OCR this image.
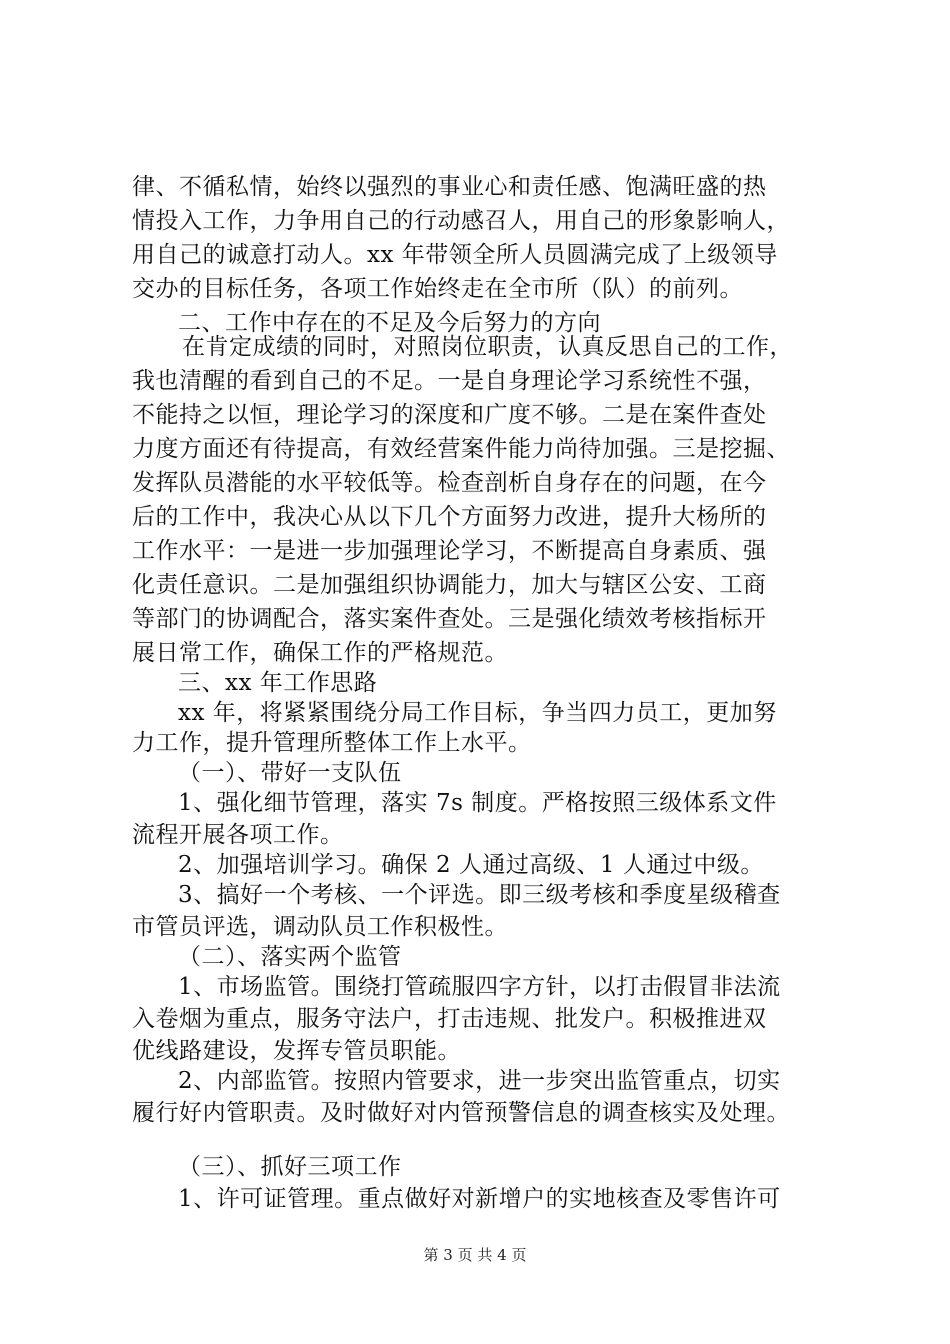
律、不循私情，始终以强烈的事业心和责任感、饱满旺盛的热
情投入工作，力争用自己的行动感召人，用自己的形象影响人，
用自己的诚意打动人。xx 年带领全所人员圆满完成了上级领导
交办的目标任务，各项工作始终走在全市所（队）的前列。
二、工作中存在的不足及今后努力的方向
在肯定成绩的同时，对照岗位职责，认真反思自己的工作，
我也清醒的看到自己的不足。一是自身理论学习系统性不强，
不能持之以恒，理论学习的深度和广度不够。二是在案件查处
力度方面还有待提高，有效经营案件能力尚待加强。三是挖掘、
发挥队员潜能的水平较低等。检查剖析自身存在的问题，在今
后的工作中，我决心从以下几个方面努力改进，提升大杨所的
工作水平：一是进一步加强理论学习，不断提高自身素质、强
化责任意识。二是加强组织协调能力，加大与辖区公安、工商
等部门的协调配合，落实案件查处。三是强化绩效考核指标开
展日常工作，确保工作的严格规范。
三、xx 年工作思路
xx 年，将紧紧围绕分局工作目标，争当四力员工，更加努
力工作，提升管理所整体工作上水平。
（一）、带好一支队伍
1、强化细节管理，落实 7s 制度。严格按照三级体系文件
流程开展各项工作。
2、加强培训学习。确保 2 人通过高级、1 人通过中级。
3、搞好一个考核、一个评选。即三级考核和季度星级稽查
市管员评选，调动队员工作积极性。
（二）、落实两个监管
1、市场监管。围绕打管疏服四字方针，以打击假冒非法流
入卷烟为重点，服务守法户，打击违规、批发户。积极推进双
优线路建设，发挥专管员职能。
2、内部监管。按照内管要求，进一步突出监管重点，切实
履行好内管职责。及时做好对内管预警信息的调查核实及处理。
（三）、抓好三项工作
1、许可证管理。重点做好对新增户的实地核查及零售许可
第 3 页 共 4 页
